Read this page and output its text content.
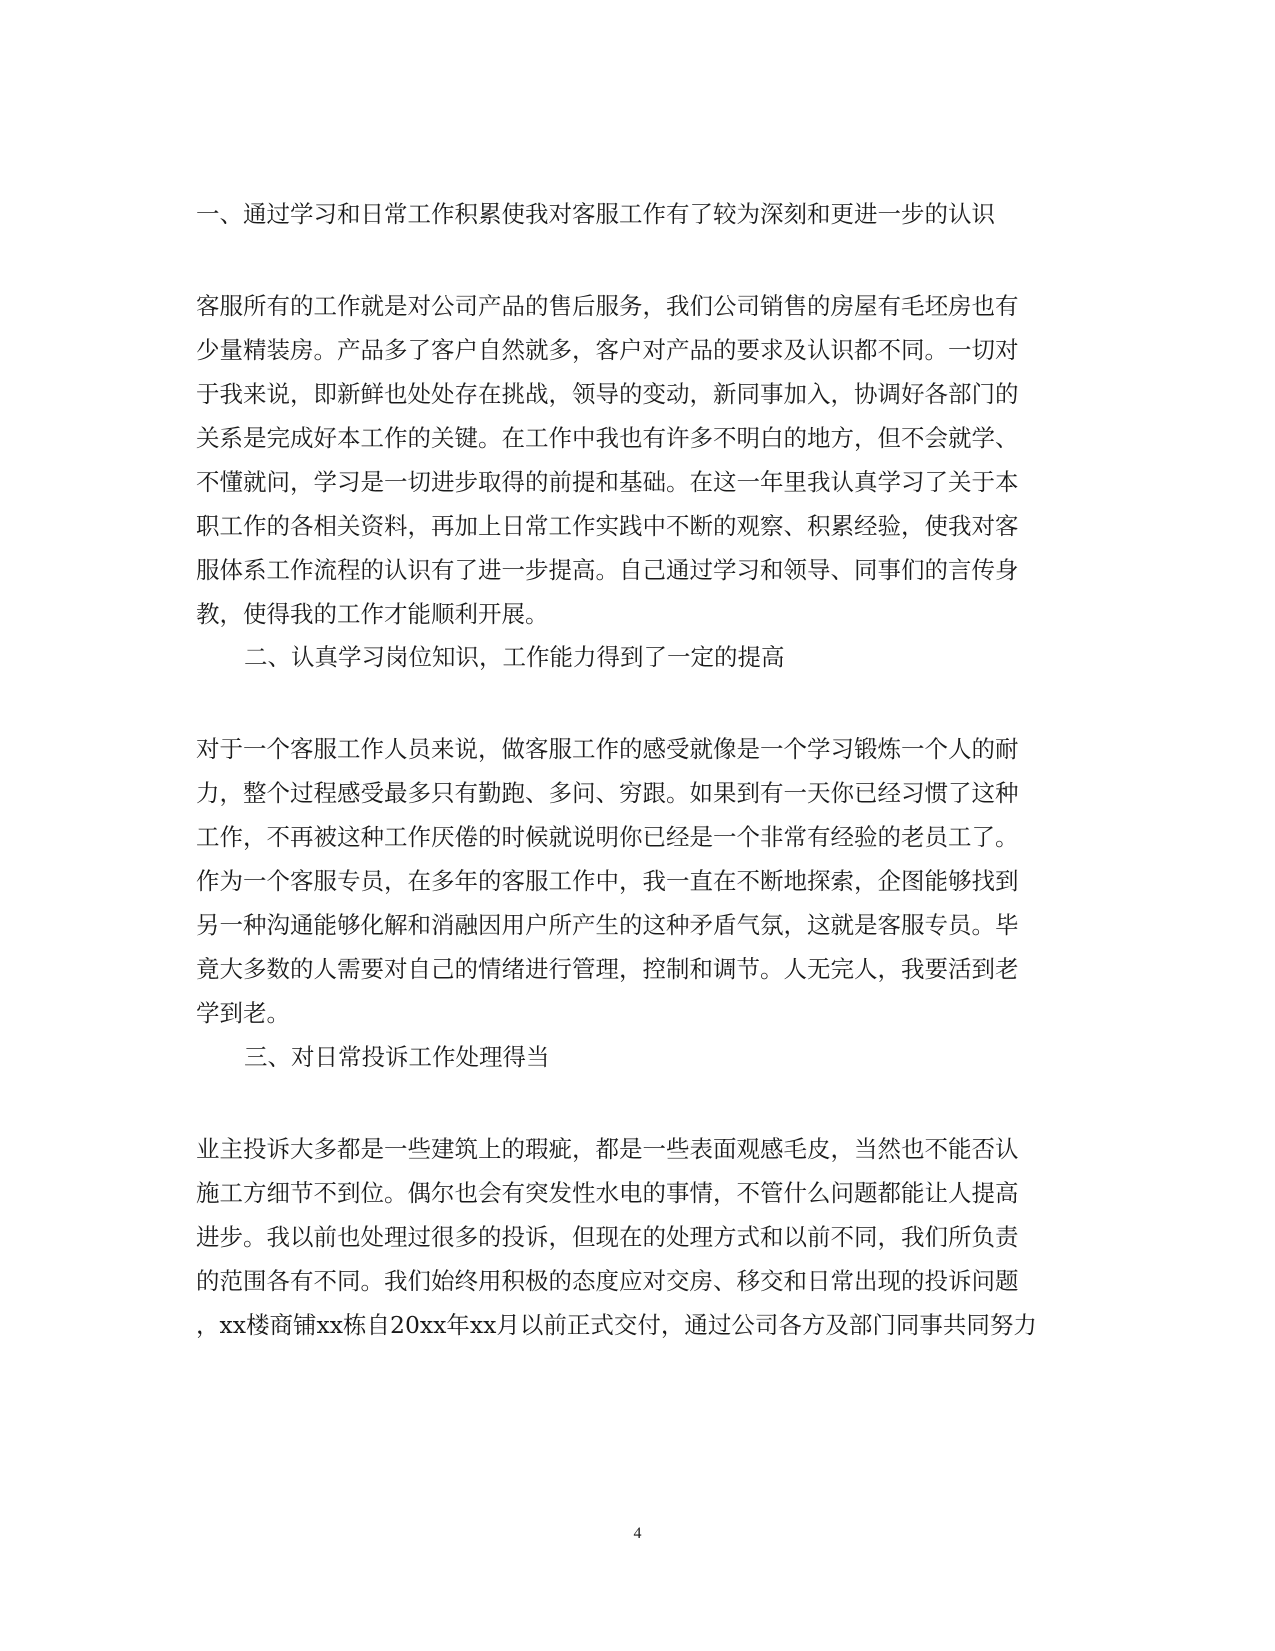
一、通过学习和日常工作积累使我对客服工作有了较为深刻和更进一步的认识
客服所有的工作就是对公司产品的售后服务，我们公司销售的房屋有毛坯房也有
少量精装房。产品多了客户自然就多，客户对产品的要求及认识都不同。一切对
于我来说，即新鲜也处处存在挑战，领导的变动，新同事加入，协调好各部门的
关系是完成好本工作的关键。在工作中我也有许多不明白的地方，但不会就学、
不懂就问，学习是一切进步取得的前提和基础。在这一年里我认真学习了关于本
职工作的各相关资料，再加上日常工作实践中不断的观察、积累经验，使我对客
服体系工作流程的认识有了进一步提高。自己通过学习和领导、同事们的言传身
教，使得我的工作才能顺利开展。
二、认真学习岗位知识，工作能力得到了一定的提高
对于一个客服工作人员来说，做客服工作的感受就像是一个学习锻炼一个人的耐
力，整个过程感受最多只有勤跑、多问、穷跟。如果到有一天你已经习惯了这种
工作，不再被这种工作厌倦的时候就说明你已经是一个非常有经验的老员工了。
作为一个客服专员，在多年的客服工作中，我一直在不断地探索，企图能够找到
另一种沟通能够化解和消融因用户所产生的这种矛盾气氛，这就是客服专员。毕
竟大多数的人需要对自己的情绪进行管理，控制和调节。人无完人，我要活到老
学到老。
三、对日常投诉工作处理得当
业主投诉大多都是一些建筑上的瑕疵，都是一些表面观感毛皮，当然也不能否认
施工方细节不到位。偶尔也会有突发性水电的事情，不管什么问题都能让人提高
进步。我以前也处理过很多的投诉，但现在的处理方式和以前不同，我们所负责
的范围各有不同。我们始终用积极的态度应对交房、移交和日常出现的投诉问题
，xx楼商铺xx栋自20xx年xx月以前正式交付，通过公司各方及部门同事共同努力
4
